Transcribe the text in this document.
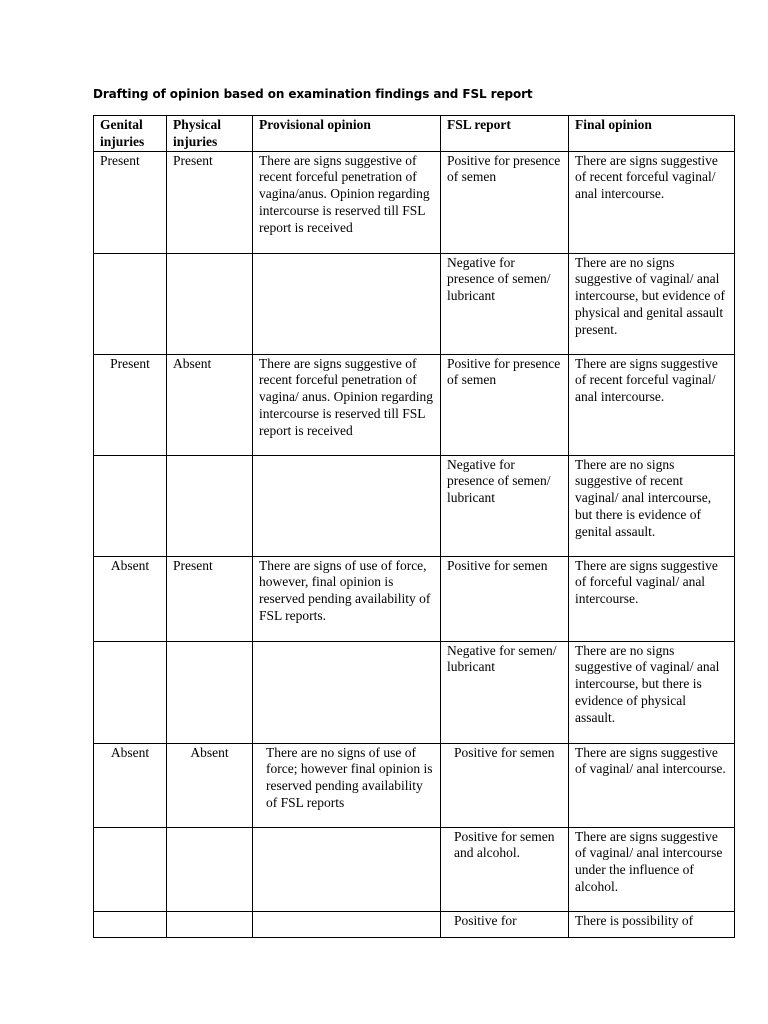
Drafting of opinion based on examination findings and FSL report
Genital injuries	Physical injuries	Provisional opinion	FSL report	Final opinion
Present	Present	There are signs suggestive of recent forceful penetration of vagina/anus. Opinion regarding intercourse is reserved till FSL report is received	Positive for presence of semen	There are signs suggestive of recent forceful vaginal/ anal intercourse.
			Negative for presence of semen/ lubricant	There are no signs suggestive of vaginal/ anal intercourse, but evidence of physical and genital assault present.
Present	Absent	There are signs suggestive of recent forceful penetration of vagina/ anus. Opinion regarding intercourse is reserved till FSL report is received	Positive for presence of semen	There are signs suggestive of recent forceful vaginal/ anal intercourse.
			Negative for presence of semen/ lubricant	There are no signs suggestive of recent vaginal/ anal intercourse, but there is evidence of genital assault.
Absent	Present	There are signs of use of force, however, final opinion is reserved pending availability of FSL reports.	Positive for semen	There are signs suggestive of forceful vaginal/ anal intercourse.
			Negative for semen/ lubricant	There are no signs suggestive of vaginal/ anal intercourse, but there is evidence of physical assault.
Absent	Absent	There are no signs of use of force; however final opinion is reserved pending availability of FSL reports	Positive for semen	There are signs suggestive of vaginal/ anal intercourse.
			Positive for semen and alcohol.	There are signs suggestive of vaginal/ anal intercourse under the influence of alcohol.
			Positive for	There is possibility of
